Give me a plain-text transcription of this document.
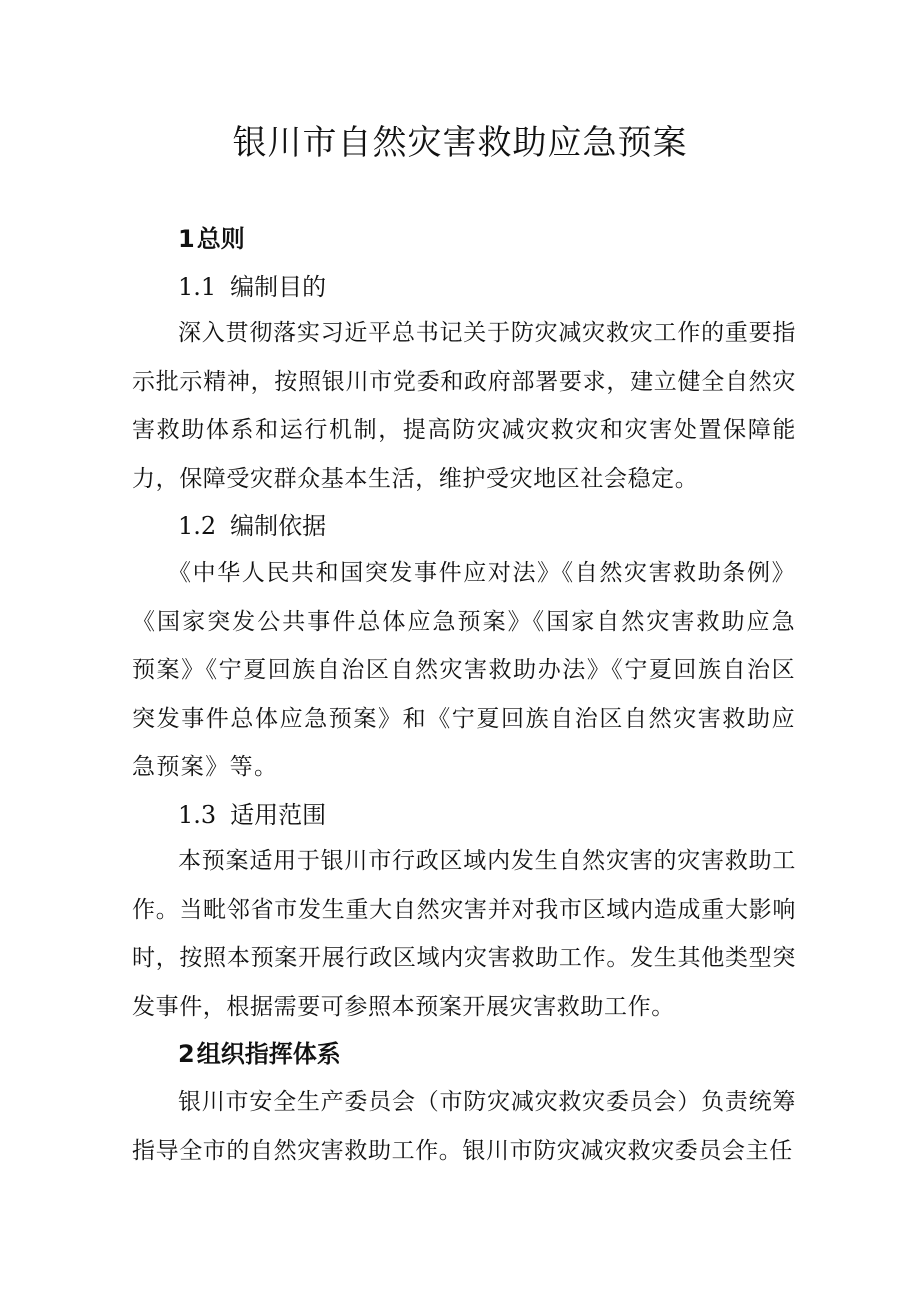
银川市自然灾害救助应急预案
1总则
1.1 编制目的
深入贯彻落实习近平总书记关于防灾减灾救灾工作的重要指示批示精神，按照银川市党委和政府部署要求，建立健全自然灾害救助体系和运行机制，提高防灾减灾救灾和灾害处置保障能力，保障受灾群众基本生活，维护受灾地区社会稳定。
1.2 编制依据
《中华人民共和国突发事件应对法》《自然灾害救助条例》《国家突发公共事件总体应急预案》《国家自然灾害救助应急预案》《宁夏回族自治区自然灾害救助办法》《宁夏回族自治区突发事件总体应急预案》和《宁夏回族自治区自然灾害救助应急预案》等。
1.3 适用范围
本预案适用于银川市行政区域内发生自然灾害的灾害救助工作。当毗邻省市发生重大自然灾害并对我市区域内造成重大影响时，按照本预案开展行政区域内灾害救助工作。发生其他类型突发事件，根据需要可参照本预案开展灾害救助工作。
2组织指挥体系
银川市安全生产委员会（市防灾减灾救灾委员会）负责统筹指导全市的自然灾害救助工作。银川市防灾减灾救灾委员会主任
